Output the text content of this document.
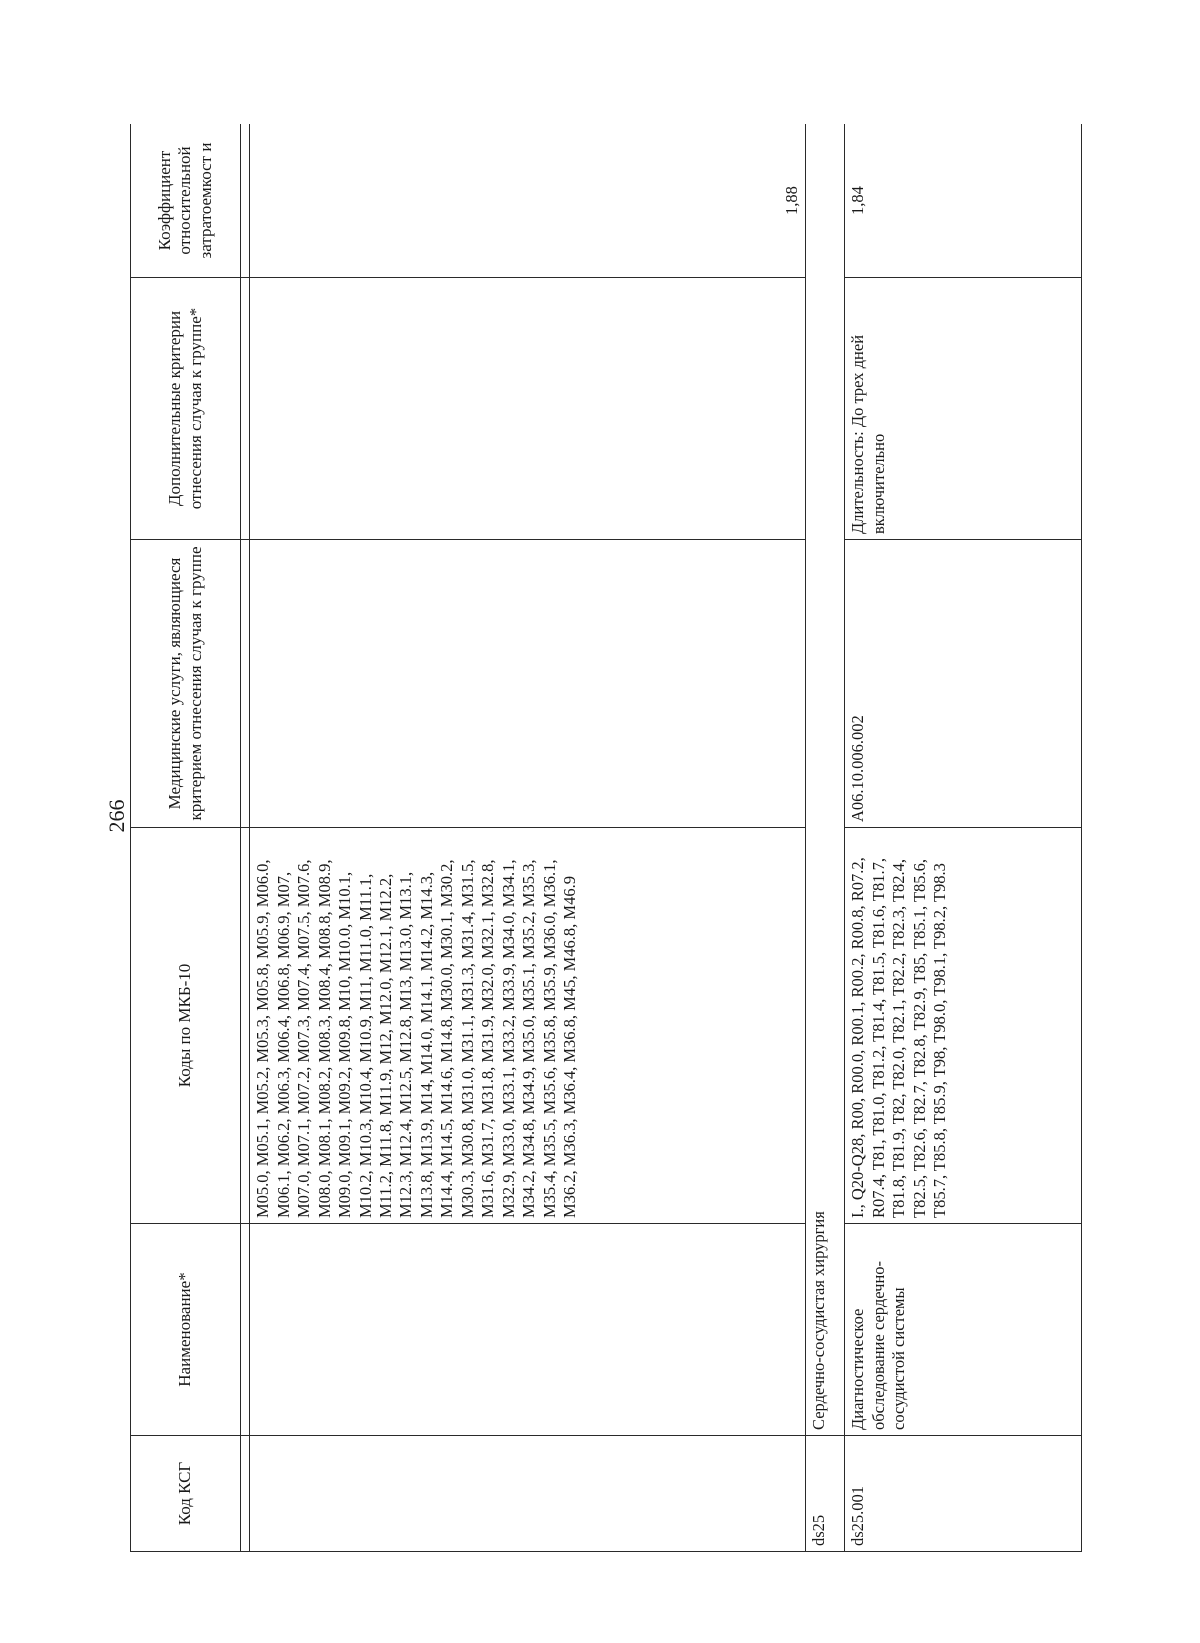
266
Код КСГ	Наименование*	Коды по МКБ-10	Медицинские услуги, являющиеся критерием отнесения случая к группе	Дополнительные критерии отнесения случая к группе*	Коэффициент относительной затратоемкост и

		M05.0, M05.1, M05.2, M05.3, M05.8, M05.9, M06.0, M06.1, M06.2, M06.3, M06.4, M06.8, M06.9, M07, M07.0, M07.1, M07.2, M07.3, M07.4, M07.5, M07.6, M08.0, M08.1, M08.2, M08.3, M08.4, M08.8, M08.9, M09.0, M09.1, M09.2, M09.8, M10, M10.0, M10.1, M10.2, M10.3, M10.4, M10.9, M11, M11.0, M11.1, M11.2, M11.8, M11.9, M12, M12.0, M12.1, M12.2, M12.3, M12.4, M12.5, M12.8, M13, M13.0, M13.1, M13.8, M13.9, M14, M14.0, M14.1, M14.2, M14.3, M14.4, M14.5, M14.6, M14.8, M30.0, M30.1, M30.2, M30.3, M30.8, M31.0, M31.1, M31.3, M31.4, M31.5, M31.6, M31.7, M31.8, M31.9, M32.0, M32.1, M32.8, M32.9, M33.0, M33.1, M33.2, M33.9, M34.0, M34.1, M34.2, M34.8, M34.9, M35.0, M35.1, M35.2, M35.3, M35.4, M35.5, M35.6, M35.8, M35.9, M36.0, M36.1, M36.2, M36.3, M36.4, M36.8, M45, M46.8, M46.9			1,88
ds25	Сердечно-сосудистая хирургия				
ds25.001	Диагностическое обследование сердечно-сосудистой системы	I., Q20-Q28, R00, R00.0, R00.1, R00.2, R00.8, R07.2, R07.4, T81, T81.0, T81.2, T81.4, T81.5, T81.6, T81.7, T81.8, T81.9, T82, T82.0, T82.1, T82.2, T82.3, T82.4, T82.5, T82.6, T82.7, T82.8, T82.9, T85, T85.1, T85.6, T85.7, T85.8, T85.9, T98, T98.0, T98.1, T98.2, T98.3	A06.10.006.002	Длительность: До трех дней включительно	1,84
